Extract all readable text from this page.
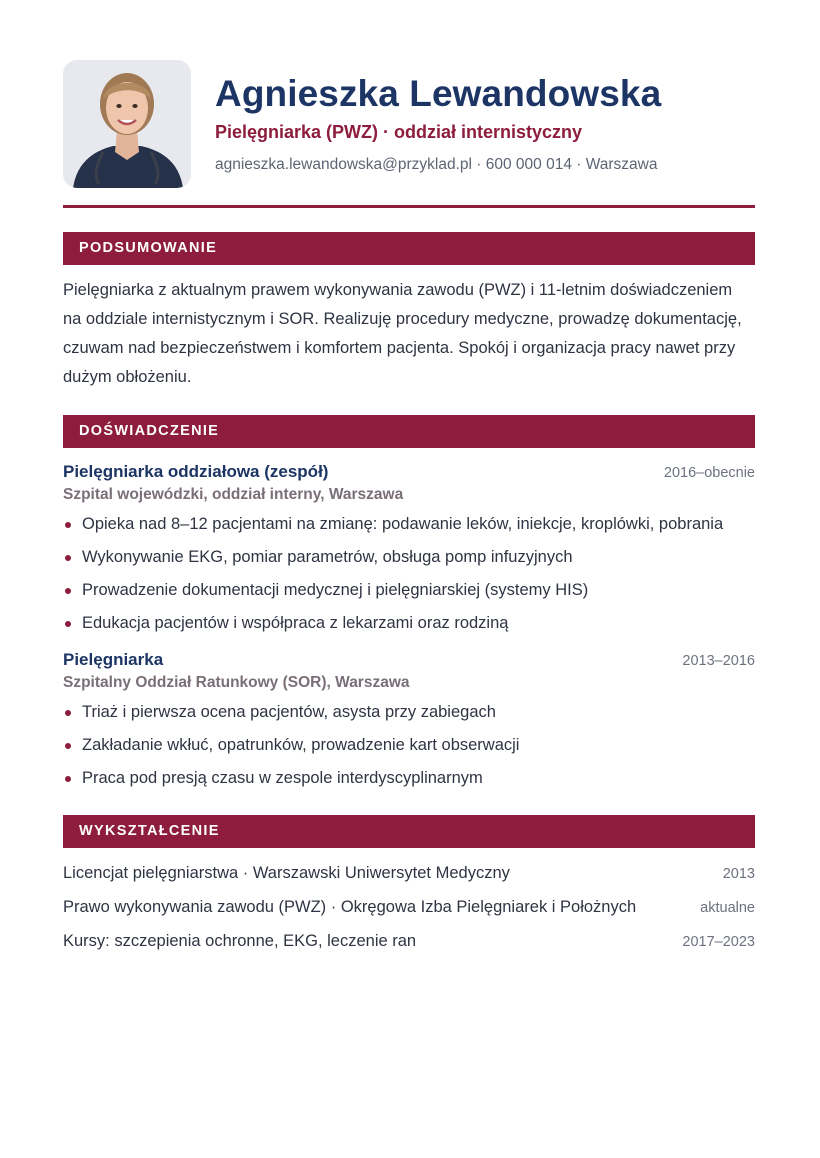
Agnieszka Lewandowska
Pielęgniarka (PWZ) · oddział internistyczny
agnieszka.lewandowska@przyklad.pl · 600 000 014 · Warszawa
PODSUMOWANIE
Pielęgniarka z aktualnym prawem wykonywania zawodu (PWZ) i 11-letnim doświadczeniem na oddziale internistycznym i SOR. Realizuję procedury medyczne, prowadzę dokumentację, czuwam nad bezpieczeństwem i komfortem pacjenta. Spokój i organizacja pracy nawet przy dużym obłożeniu.
DOŚWIADCZENIE
Pielęgniarka oddziałowa (zespół)	2016–obecnie
Szpital wojewódzki, oddział interny, Warszawa
Opieka nad 8–12 pacjentami na zmianę: podawanie leków, iniekcje, kroplówki, pobrania
Wykonywanie EKG, pomiar parametrów, obsługa pomp infuzyjnych
Prowadzenie dokumentacji medycznej i pielęgniarskiej (systemy HIS)
Edukacja pacjentów i współpraca z lekarzami oraz rodziną
Pielęgniarka	2013–2016
Szpitalny Oddział Ratunkowy (SOR), Warszawa
Triaż i pierwsza ocena pacjentów, asysta przy zabiegach
Zakładanie wkłuć, opatrunków, prowadzenie kart obserwacji
Praca pod presją czasu w zespole interdyscyplinarnym
WYKSZTAŁCENIE
Licencjat pielęgniarstwa · Warszawski Uniwersytet Medyczny	2013
Prawo wykonywania zawodu (PWZ) · Okręgowa Izba Pielęgniarek i Położnych	aktualne
Kursy: szczepienia ochronne, EKG, leczenie ran	2017–2023
